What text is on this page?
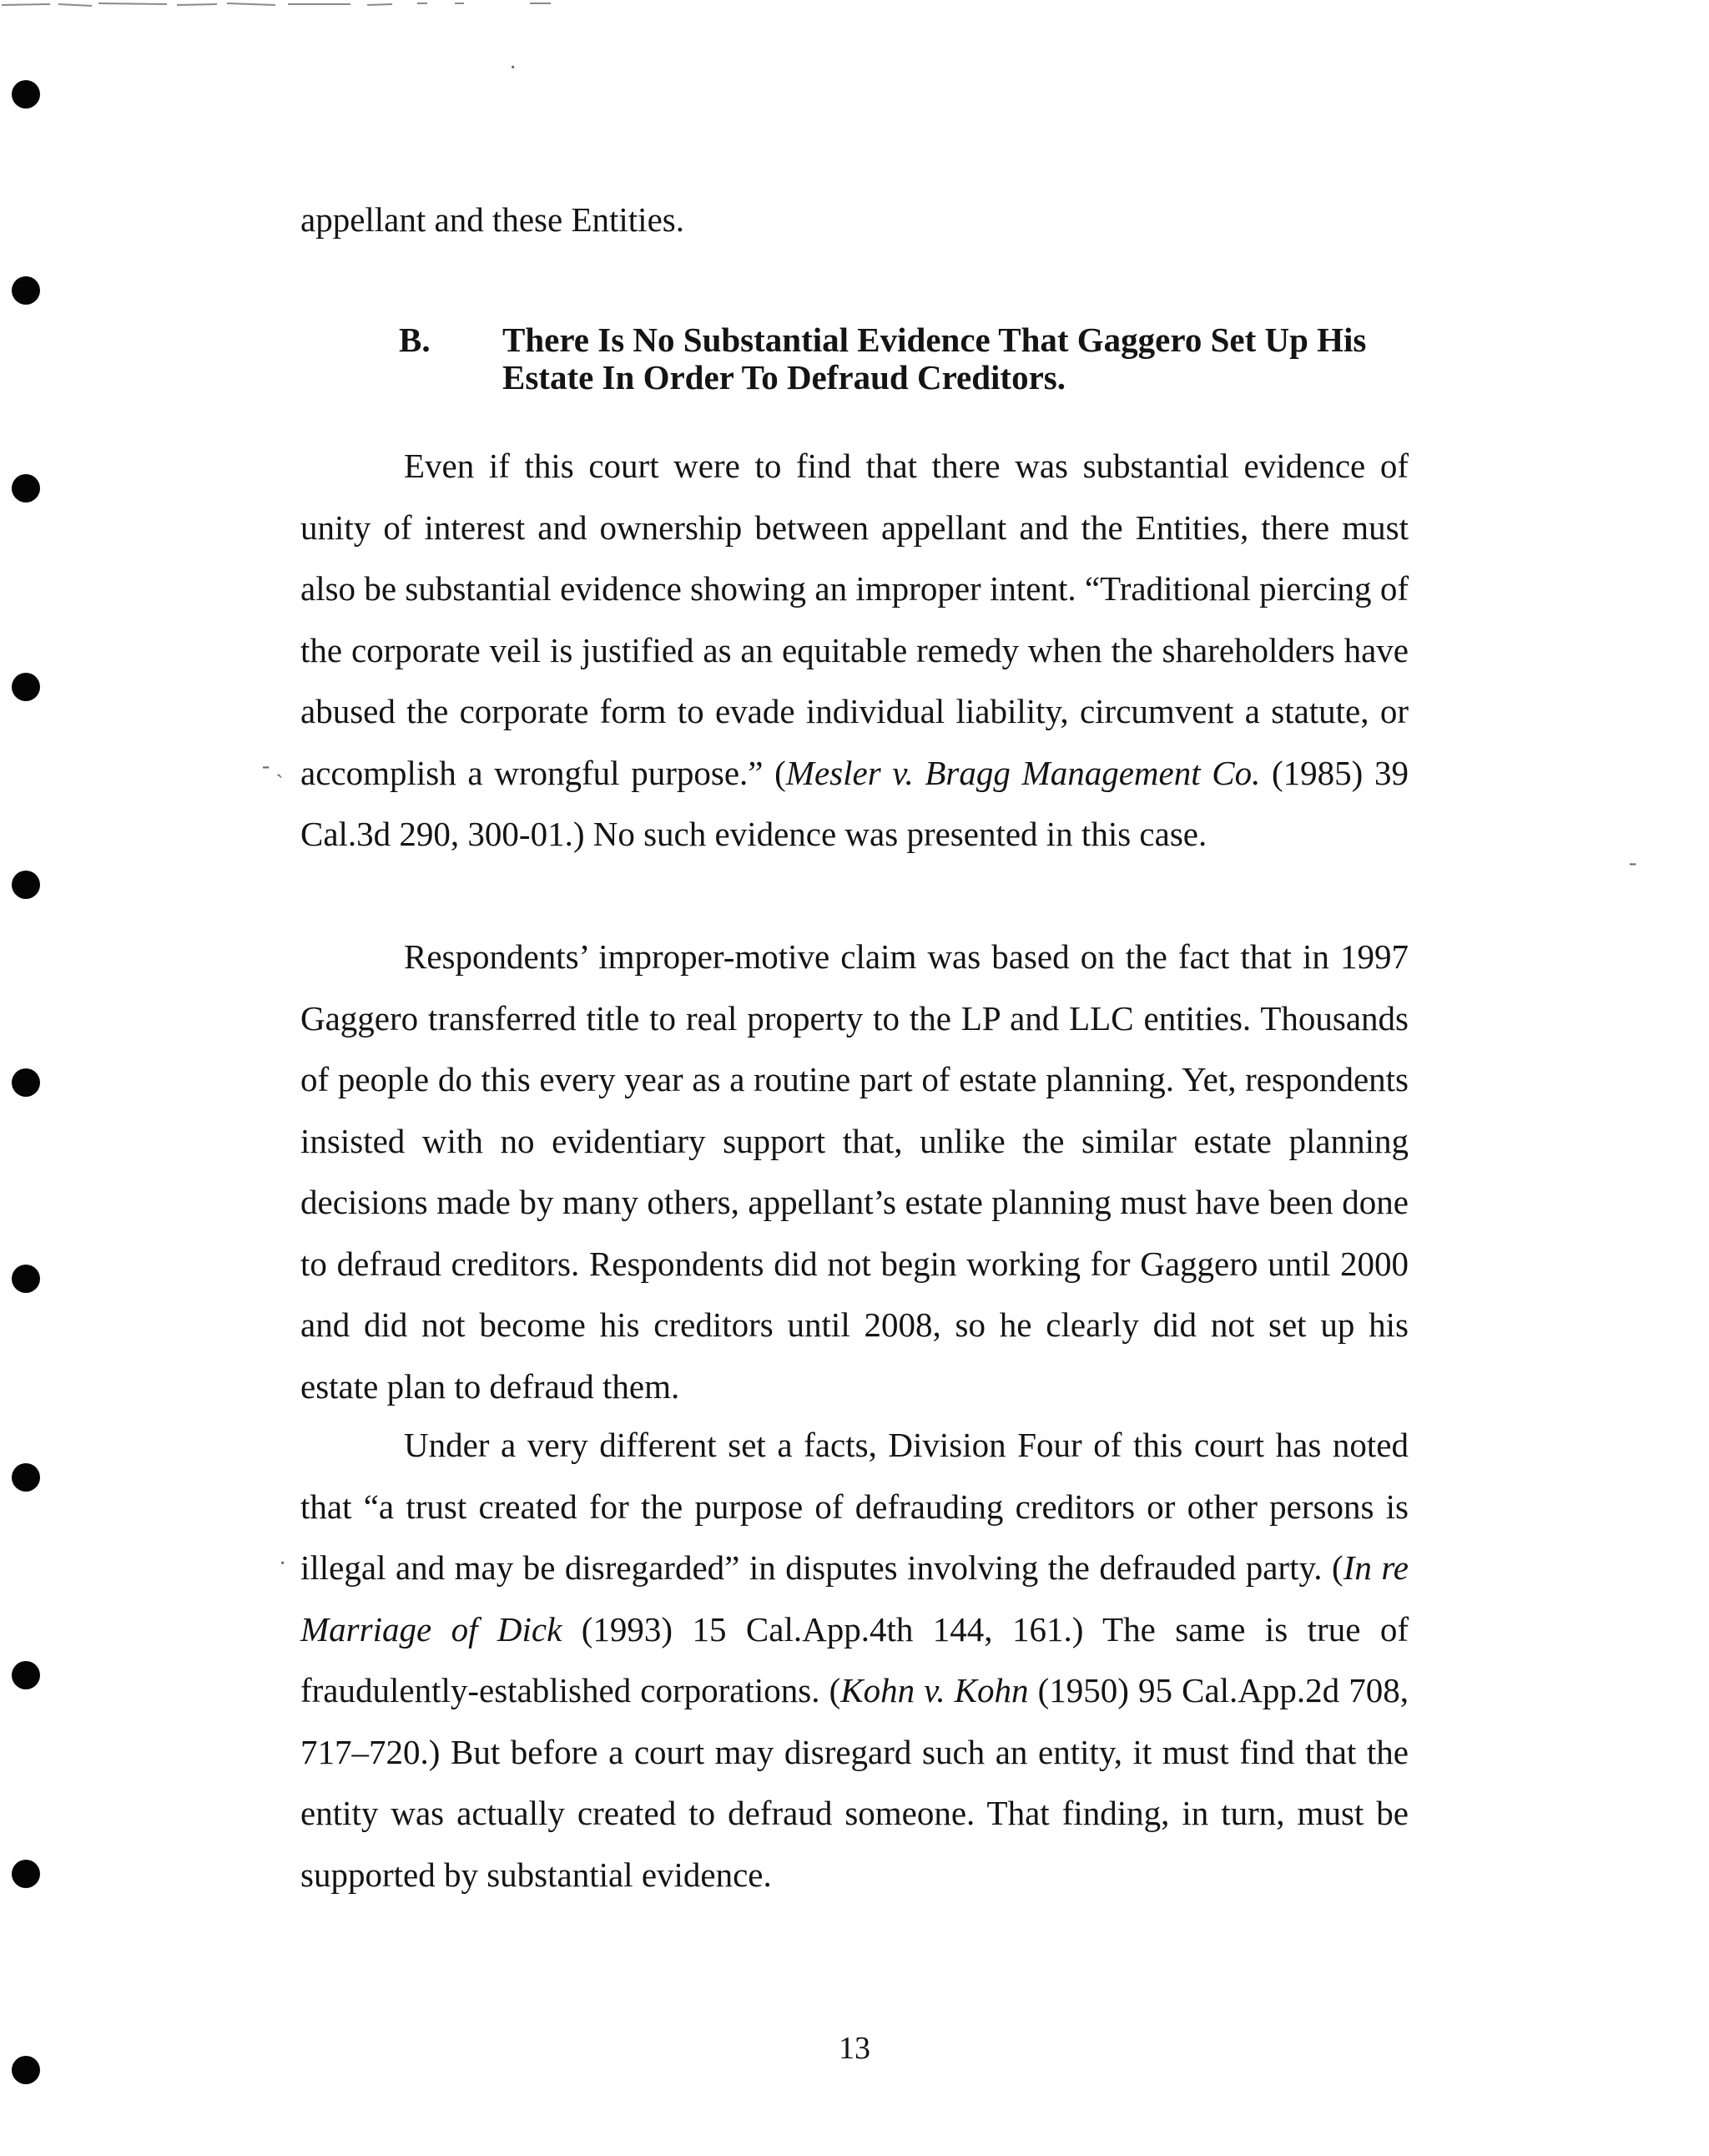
·
‑ ˎ
‑
·

appellant and these Entities.

B. There Is No Substantial Evidence That Gaggero Set Up His
Estate In Order To Defraud Creditors.

Even if this court were to find that there was substantial evidence of unity of interest and ownership between appellant and the Entities, there must also be substantial evidence showing an improper intent. “Traditional piercing of the corporate veil is justified as an equitable remedy when the shareholders have abused the corporate form to evade individual liability, circumvent a statute, or accomplish a wrongful purpose.” (Mesler v. Bragg Management Co. (1985) 39 Cal.3d 290, 300-01.) No such evidence was presented in this case.

Respondents’ improper-motive claim was based on the fact that in 1997 Gaggero transferred title to real property to the LP and LLC entities. Thousands of people do this every year as a routine part of estate planning. Yet, respondents insisted with no evidentiary support that, unlike the similar estate planning decisions made by many others, appellant’s estate planning must have been done to defraud creditors. Respondents did not begin working for Gaggero until 2000 and did not become his creditors until 2008, so he clearly did not set up his estate plan to defraud them.

Under a very different set a facts, Division Four of this court has noted that “a trust created for the purpose of defrauding creditors or other persons is illegal and may be disregarded” in disputes involving the defrauded party. (In re Marriage of Dick (1993) 15 Cal.App.4th 144, 161.) The same is true of fraudulently-established corporations. (Kohn v. Kohn (1950) 95 Cal.App.2d 708, 717–720.) But before a court may disregard such an entity, it must find that the entity was actually created to defraud someone. That finding, in turn, must be supported by substantial evidence.

13
